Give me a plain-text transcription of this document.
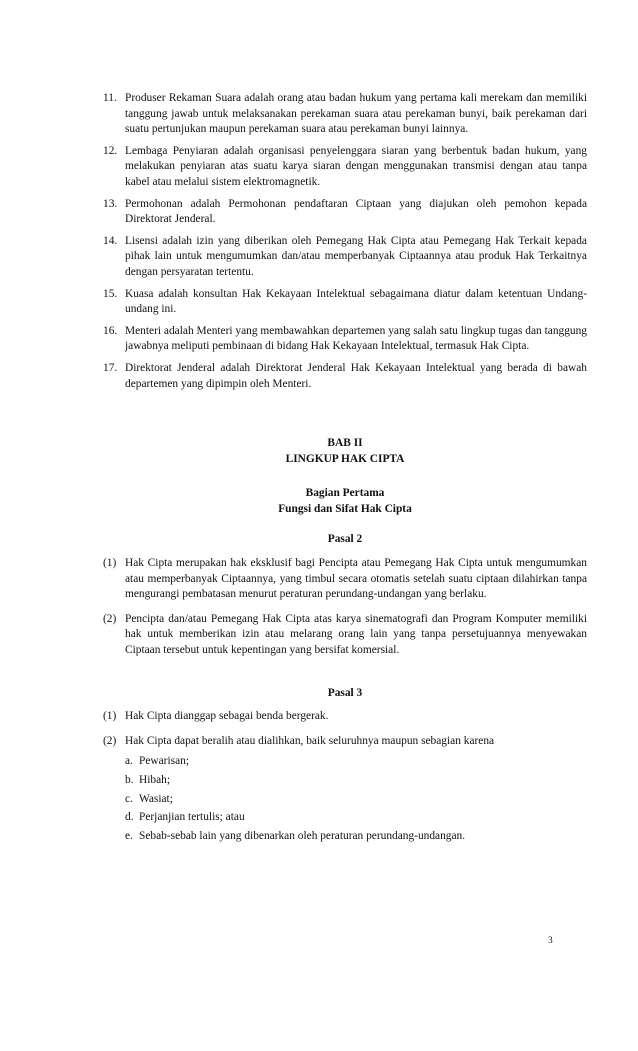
11. Produser Rekaman Suara adalah orang atau badan hukum yang pertama kali merekam dan memiliki tanggung jawab untuk melaksanakan perekaman suara atau perekaman bunyi, baik perekaman dari suatu pertunjukan maupun perekaman suara atau perekaman bunyi lainnya.
12. Lembaga Penyiaran adalah organisasi penyelenggara siaran yang berbentuk badan hukum, yang melakukan penyiaran atas suatu karya siaran dengan menggunakan transmisi dengan atau tanpa kabel atau melalui sistem elektromagnetik.
13. Permohonan adalah Permohonan pendaftaran Ciptaan yang diajukan oleh pemohon kepada Direktorat Jenderal.
14. Lisensi adalah izin yang diberikan oleh Pemegang Hak Cipta atau Pemegang Hak Terkait kepada pihak lain untuk mengumumkan dan/atau memperbanyak Ciptaannya atau produk Hak Terkaitnya dengan persyaratan tertentu.
15. Kuasa adalah konsultan Hak Kekayaan Intelektual sebagaimana diatur dalam ketentuan Undang-undang ini.
16. Menteri adalah Menteri yang membawahkan departemen yang salah satu lingkup tugas dan tanggung jawabnya meliputi pembinaan di bidang Hak Kekayaan Intelektual, termasuk Hak Cipta.
17. Direktorat Jenderal adalah Direktorat Jenderal Hak Kekayaan Intelektual yang berada di bawah departemen yang dipimpin oleh Menteri.
BAB II
LINGKUP HAK CIPTA
Bagian Pertama
Fungsi dan Sifat Hak Cipta
Pasal 2
(1) Hak Cipta merupakan hak eksklusif bagi Pencipta atau Pemegang Hak Cipta untuk mengumumkan atau memperbanyak Ciptaannya, yang timbul secara otomatis setelah suatu ciptaan dilahirkan tanpa mengurangi pembatasan menurut peraturan perundang-undangan yang berlaku.
(2) Pencipta dan/atau Pemegang Hak Cipta atas karya sinematografi dan Program Komputer memiliki hak untuk memberikan izin atau melarang orang lain yang tanpa persetujuannya menyewakan Ciptaan tersebut untuk kepentingan yang bersifat komersial.
Pasal 3
(1) Hak Cipta dianggap sebagai benda bergerak.
(2) Hak Cipta dapat beralih atau dialihkan, baik seluruhnya maupun sebagian karena
a. Pewarisan;
b. Hibah;
c. Wasiat;
d. Perjanjian tertulis; atau
e. Sebab-sebab lain yang dibenarkan oleh peraturan perundang-undangan.
3
